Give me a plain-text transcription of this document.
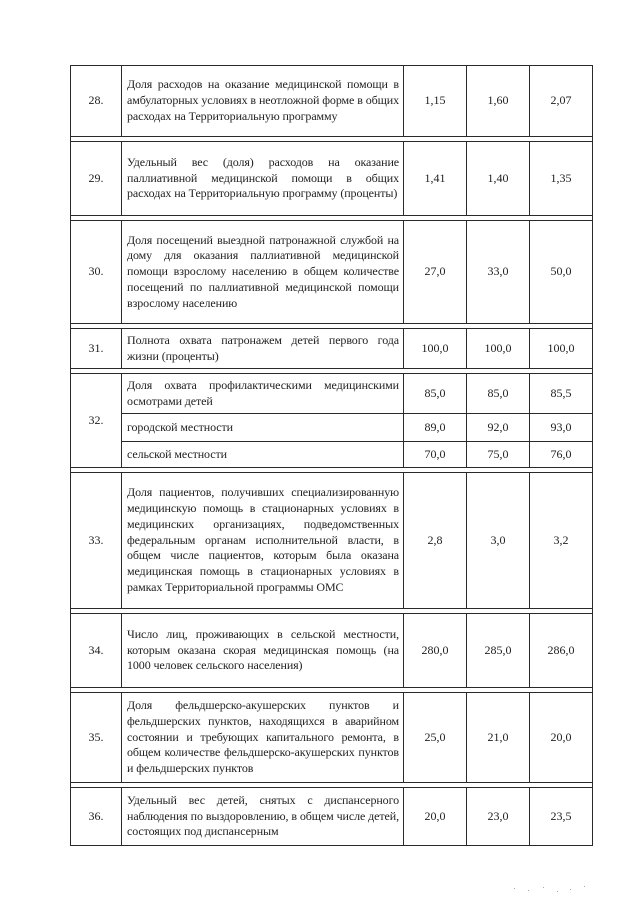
28.	Доля расходов на оказание медицинской помощи в амбулаторных условиях в неотложной форме в общих расходах на Территориальную программу	1,15	1,60	2,07

29.	Удельный вес (доля) расходов на оказание паллиативной медицинской помощи в общих расходах на Территориальную программу (проценты)	1,41	1,40	1,35

30.	Доля посещений выездной патронажной службой на дому для оказания паллиативной медицинской помощи взрослому населению в общем количестве посещений по паллиативной медицинской помощи взрослому населению	27,0	33,0	50,0

31.	Полнота охвата патронажем детей первого года жизни (проценты)	100,0	100,0	100,0

32.	Доля охвата профилактическими медицинскими осмотрами детей	85,0	85,0	85,5
	городской местности	89,0	92,0	93,0
	сельской местности	70,0	75,0	76,0

33.	Доля пациентов, получивших специализированную медицинскую помощь в стационарных условиях в медицинских организациях, подведомственных федеральным органам исполнительной власти, в общем числе пациентов, которым была оказана медицинская помощь в стационарных условиях в рамках Территориальной программы ОМС	2,8	3,0	3,2

34.	Число лиц, проживающих в сельской местности, которым оказана скорая медицинская помощь (на 1000 человек сельского населения)	280,0	285,0	286,0

35.	Доля фельдшерско-акушерских пунктов и фельдшерских пунктов, находящихся в аварийном состоянии и требующих капитального ремонта, в общем количестве фельдшерско-акушерских пунктов и фельдшерских пунктов	25,0	21,0	20,0

36.	Удельный вес детей, снятых с диспансерного наблюдения по выздоровлению, в общем числе детей, состоящих под диспансерным	20,0	23,0	23,5
